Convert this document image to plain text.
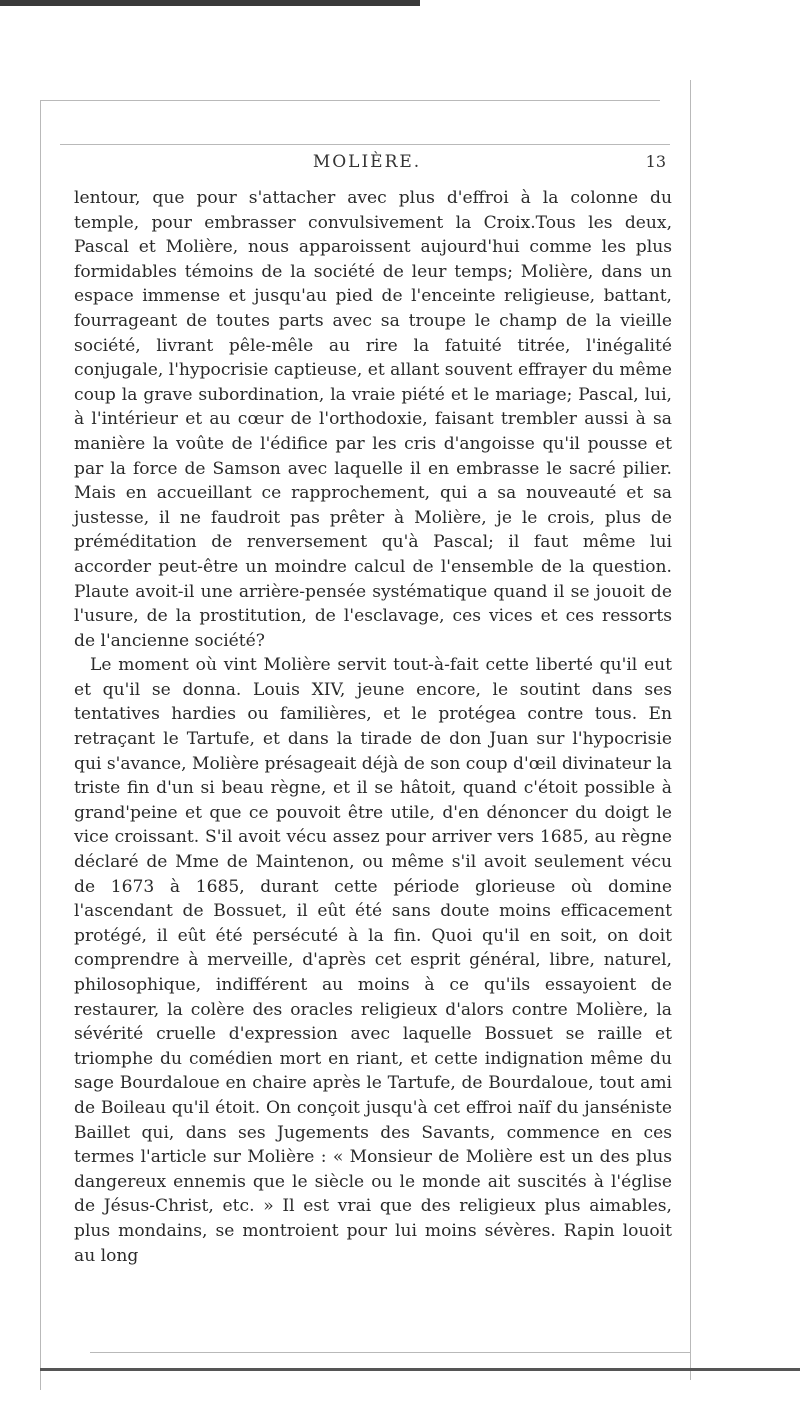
MOLIÈRE.	13

lentour, que pour s'attacher avec plus d'effroi à la colonne du temple, pour embrasser convulsivement la Croix.Tous les deux, Pascal et Molière, nous apparoissent aujourd'hui comme les plus formidables témoins de la société de leur temps; Molière, dans un espace immense et jusqu'au pied de l'enceinte religieuse, battant, fourrageant de toutes parts avec sa troupe le champ de la vieille société, livrant pêle-mêle au rire la fatuité titrée, l'inégalité conjugale, l'hypocrisie captieuse, et allant souvent effrayer du même coup la grave subordination, la vraie piété et le mariage; Pascal, lui, à l'intérieur et au cœur de l'orthodoxie, faisant trembler aussi à sa manière la voûte de l'édifice par les cris d'angoisse qu'il pousse et par la force de Samson avec laquelle il en embrasse le sacré pilier. Mais en accueillant ce rapprochement, qui a sa nouveauté et sa justesse, il ne faudroit pas prêter à Molière, je le crois, plus de préméditation de renversement qu'à Pascal; il faut même lui accorder peut-être un moindre calcul de l'ensemble de la question. Plaute avoit-il une arrière-pensée systématique quand il se jouoit de l'usure, de la prostitution, de l'esclavage, ces vices et ces ressorts de l'ancienne société?

Le moment où vint Molière servit tout-à-fait cette liberté qu'il eut et qu'il se donna. Louis XIV, jeune encore, le soutint dans ses tentatives hardies ou familières, et le protégea contre tous. En retraçant le Tartufe, et dans la tirade de don Juan sur l'hypocrisie qui s'avance, Molière présageait déjà de son coup d'œil divinateur la triste fin d'un si beau règne, et il se hâtoit, quand c'étoit possible à grand'peine et que ce pouvoit être utile, d'en dénoncer du doigt le vice croissant. S'il avoit vécu assez pour arriver vers 1685, au règne déclaré de Mme de Maintenon, ou même s'il avoit seulement vécu de 1673 à 1685, durant cette période glorieuse où domine l'ascendant de Bossuet, il eût été sans doute moins efficacement protégé, il eût été persécuté à la fin. Quoi qu'il en soit, on doit comprendre à merveille, d'après cet esprit général, libre, naturel, philosophique, indifférent au moins à ce qu'ils essayoient de restaurer, la colère des oracles religieux d'alors contre Molière, la sévérité cruelle d'expression avec laquelle Bossuet se raille et triomphe du comédien mort en riant, et cette indignation même du sage Bourdaloue en chaire après le Tartufe, de Bourdaloue, tout ami de Boileau qu'il étoit. On conçoit jusqu'à cet effroi naïf du janséniste Baillet qui, dans ses Jugements des Savants, commence en ces termes l'article sur Molière : « Monsieur de Molière est un des plus dangereux ennemis que le siècle ou le monde ait suscités à l'église de Jésus-Christ, etc. » Il est vrai que des religieux plus aimables, plus mondains, se montroient pour lui moins sévères. Rapin louoit au long
